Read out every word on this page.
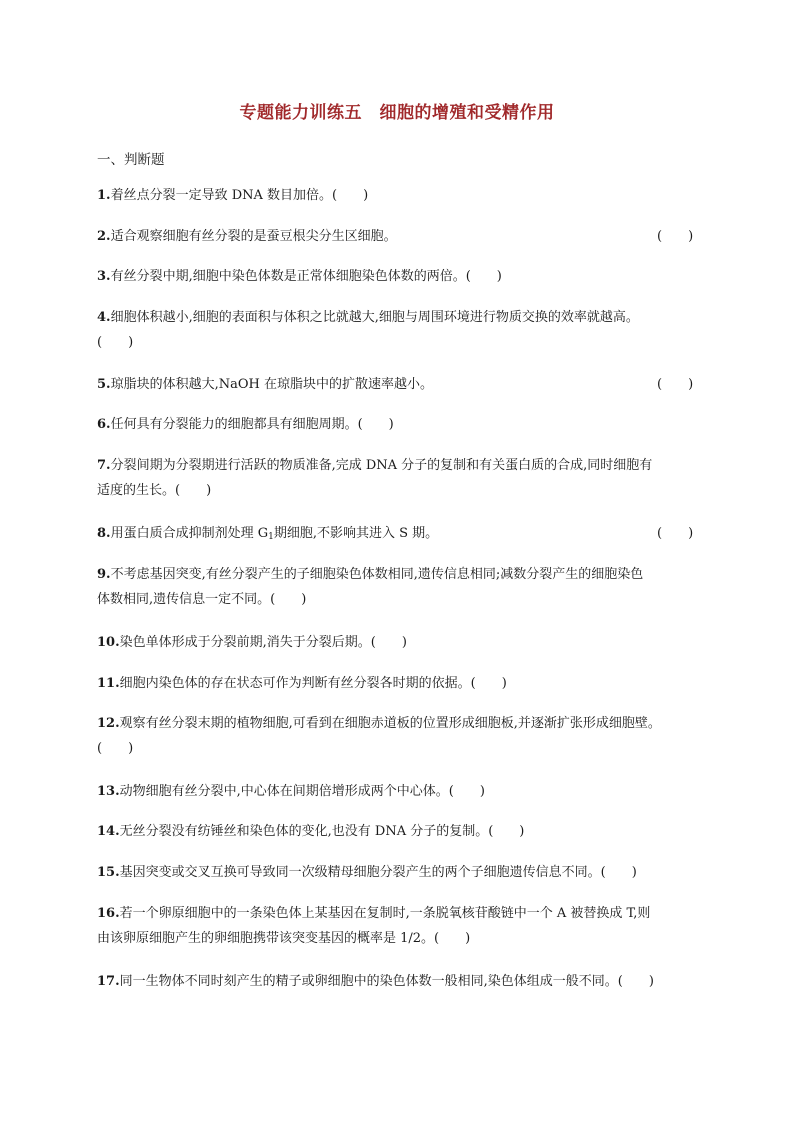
专题能力训练五　细胞的增殖和受精作用
一、判断题
1.着丝点分裂一定导致 DNA 数目加倍。(　　)
2.适合观察细胞有丝分裂的是蚕豆根尖分生区细胞。	(　　)
3.有丝分裂中期,细胞中染色体数是正常体细胞染色体数的两倍。(　　)
4.细胞体积越小,细胞的表面积与体积之比就越大,细胞与周围环境进行物质交换的效率就越高。
(　　)
5.琼脂块的体积越大,NaOH 在琼脂块中的扩散速率越小。	(　　)
6.任何具有分裂能力的细胞都具有细胞周期。(　　)
7.分裂间期为分裂期进行活跃的物质准备,完成 DNA 分子的复制和有关蛋白质的合成,同时细胞有
适度的生长。(　　)
8.用蛋白质合成抑制剂处理 $G_1$期细胞,不影响其进入 S 期。	(　　)
9.不考虑基因突变,有丝分裂产生的子细胞染色体数相同,遗传信息相同;减数分裂产生的细胞染色
体数相同,遗传信息一定不同。(　　)
10.染色单体形成于分裂前期,消失于分裂后期。(　　)
11.细胞内染色体的存在状态可作为判断有丝分裂各时期的依据。(　　)
12.观察有丝分裂末期的植物细胞,可看到在细胞赤道板的位置形成细胞板,并逐渐扩张形成细胞壁。
(　　)
13.动物细胞有丝分裂中,中心体在间期倍增形成两个中心体。(　　)
14.无丝分裂没有纺锤丝和染色体的变化,也没有 DNA 分子的复制。(　　)
15.基因突变或交叉互换可导致同一次级精母细胞分裂产生的两个子细胞遗传信息不同。(　　)
16.若一个卵原细胞中的一条染色体上某基因在复制时,一条脱氧核苷酸链中一个 A 被替换成 T,则
由该卵原细胞产生的卵细胞携带该突变基因的概率是 1/2。(　　)
17.同一生物体不同时刻产生的精子或卵细胞中的染色体数一般相同,染色体组成一般不同。(　　)
